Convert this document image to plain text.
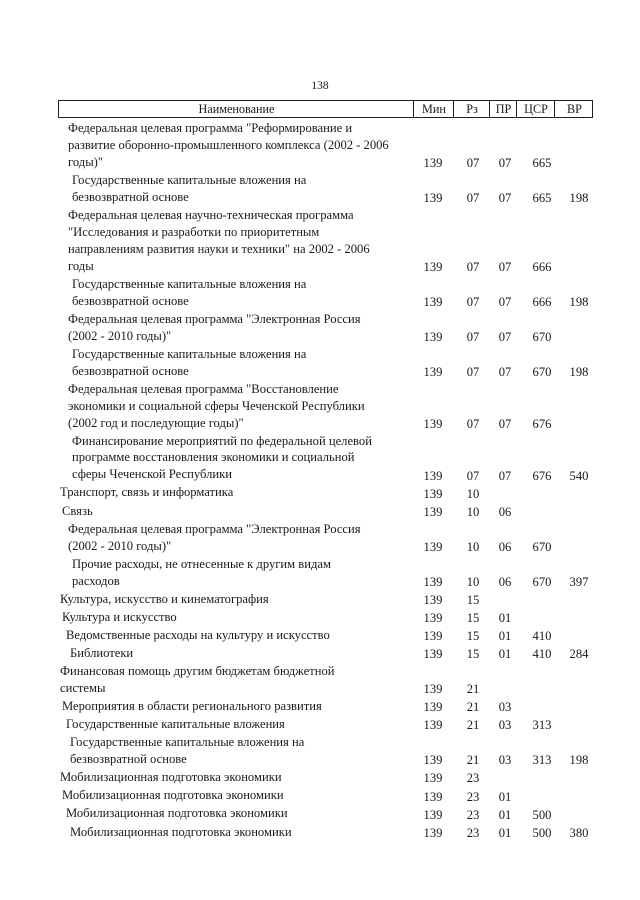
138
Наименование	Мин	Рз	ПР	ЦСР	ВР
Федеральная целевая программа "Реформирование и
развитие оборонно-промышленного комплекса (2002 - 2006
годы)"	139	07	07	665
Государственные капитальные вложения на
безвозвратной основе	139	07	07	665	198
Федеральная целевая научно-техническая программа
"Исследования и разработки по приоритетным
направлениям развития науки и техники" на 2002 - 2006
годы	139	07	07	666
Государственные капитальные вложения на
безвозвратной основе	139	07	07	666	198
Федеральная целевая программа "Электронная Россия
(2002 - 2010 годы)"	139	07	07	670
Государственные капитальные вложения на
безвозвратной основе	139	07	07	670	198
Федеральная целевая программа "Восстановление
экономики и социальной сферы Чеченской Республики
(2002 год и последующие годы)"	139	07	07	676
Финансирование мероприятий по федеральной целевой
программе восстановления экономики и социальной
сферы Чеченской Республики	139	07	07	676	540
Транспорт, связь и информатика	139	10
Связь	139	10	06
Федеральная целевая программа "Электронная Россия
(2002 - 2010 годы)"	139	10	06	670
Прочие расходы, не отнесенные к другим видам
расходов	139	10	06	670	397
Культура, искусство и кинематография	139	15
Культура и искусство	139	15	01
Ведомственные расходы на культуру и искусство	139	15	01	410
Библиотеки	139	15	01	410	284
Финансовая помощь другим бюджетам бюджетной
системы	139	21
Мероприятия в области регионального развития	139	21	03
Государственные капитальные вложения	139	21	03	313
Государственные капитальные вложения на
безвозвратной основе	139	21	03	313	198
Мобилизационная подготовка экономики	139	23
Мобилизационная подготовка экономики	139	23	01
Мобилизационная подготовка экономики	139	23	01	500
Мобилизационная подготовка экономики	139	23	01	500	380
